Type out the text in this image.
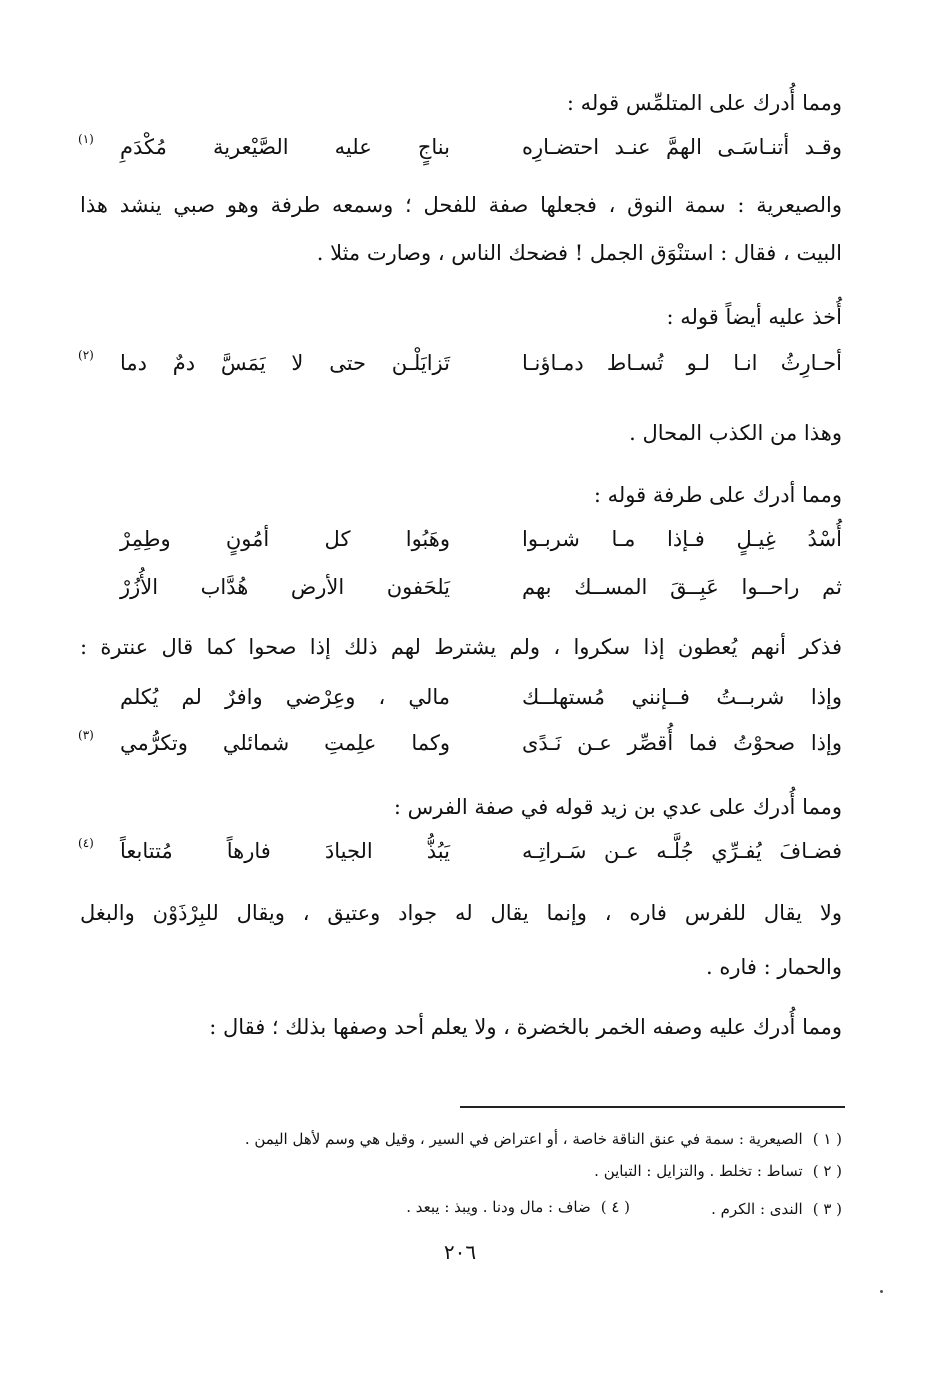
ومما أُدرك على المتلمِّس قوله :
وقـد أتنـاسَـى الهمَّ عنـد احتضـارِه
بناجٍ عليه الصَّيْعرية مُكْدَمِ
(١)
والصيعرية : سمة النوق ، فجعلها صفة للفحل ؛ وسمعه طرفة وهو صبي ينشد هذا
البيت ، فقال : استنْوَق الجمل ! فضحك الناس ، وصارت مثلا .
أُخذ عليه أيضاً قوله :
أحـارِثُ انـا لـو تُسـاط دمـاؤنـا
تَزايَلْـن حتى لا يَمَسَّ دمٌ دما
(٢)
وهذا من الكذب المحال .
ومما أدرك على طرفة قوله :
أُسْدُ غِيـلٍ فـإذا مـا شربـوا
وهَبُوا كل أمُونٍ وطِمِرْ
ثم راحــوا عَبِــقَ المســك بهم
يَلحَفون الأرض هُدَّاب الأُزُرْ
فذكر أنهم يُعطون إذا سكروا ، ولم يشترط لهم ذلك إذا صحوا كما قال عنترة :
وإذا شربــتُ فــإنني مُستهلــك
مالي ، وعِرْضي وافرٌ لم يُكلم
وإذا صحوْتُ فما أُقصِّر عـن نَـدًى
وكما علِمتِ شمائلي وتكرُّمي
(٣)
ومما أُدرك على عدي بن زيد قوله في صفة الفرس :
فضـافَ يُفـرِّي جُلَّـه عـن سَـراتِـه
يَبُذُّ الجيادَ فارهاً مُتتابعاً
(٤)
ولا يقال للفرس فاره ، وإنما يقال له جواد وعتيق ، ويقال للبِرْذَوْن والبغل
والحمار : فاره .
ومما أُدرك عليه وصفه الخمر بالخضرة ، ولا يعلم أحد وصفها بذلك ؛ فقال :
( ١ )الصيعرية : سمة في عنق الناقة خاصة ، أو اعتراض في السير ، وقيل هي وسم لأهل اليمن .
( ٢ )تساط : تخلط . والتزايل : التباين .
( ٣ )الندى : الكرم .
( ٤ )ضاف : مال ودنا . ويبذ : يبعد .
٢٠٦
